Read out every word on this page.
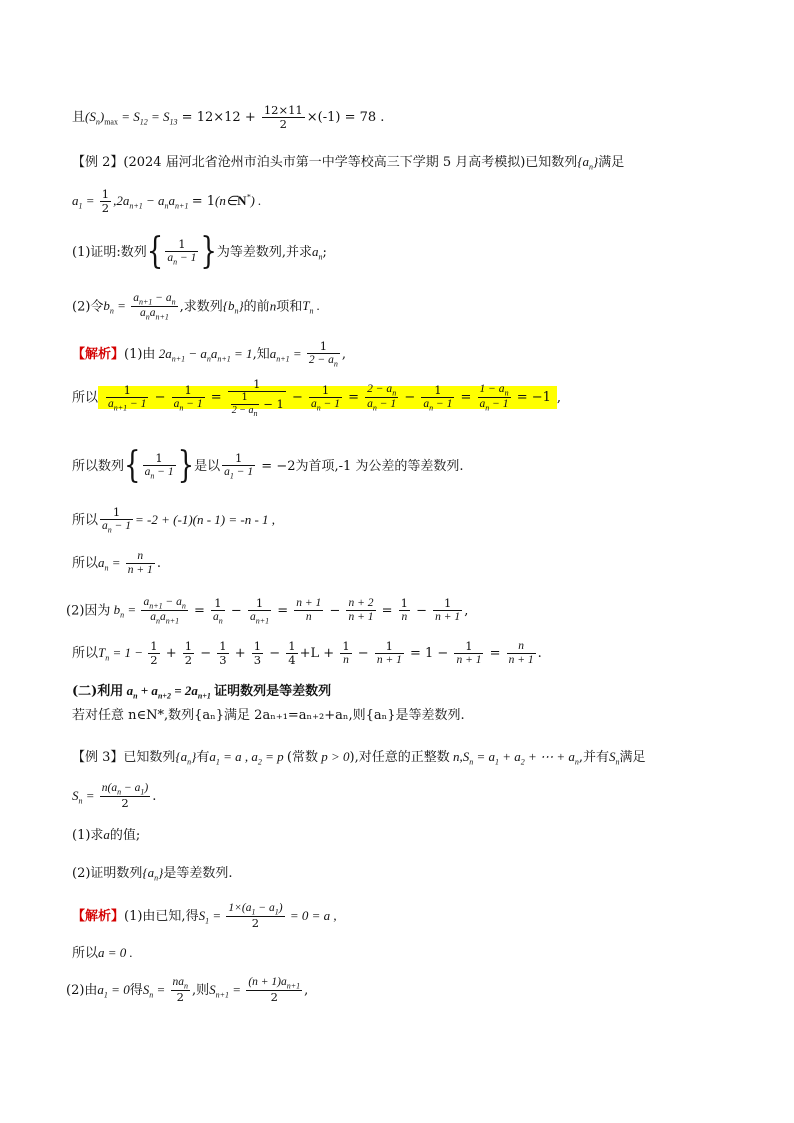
且$(S_n)_{max} = S_{12} = S_{13} = 12\times 12 + \frac{12\times 11}{2} \times(-1) = 78$ .
【例 2】(2024 届河北省沧州市泊头市第一中学等校高三下学期 5 月高考模拟)已知数列$\{a_n\}$满足
$a_1 = \frac{1}{2} ,2a_{n+1} - a_na_{n+1}$ = 1(n∈N*) .
(1)证明:数列{ $\frac{1}{a_n - 1}$ }为等差数列,并求$a_n$;
(2)令$b_n = \frac{a_{n+1} - a_n}{a_na_{n+1}}$ ,求数列$\{b_n\}$的前n项和$T_n$ .
【解析】(1)由 $2a_{n+1} - a_na_{n+1} = 1$,知$a_{n+1} = \frac{1}{2 - a_n}$ ,
所以 $\frac{1}{a_{n+1} - 1} - \frac{1}{a_n - 1} = \frac{1}{\frac{1}{2 - a_n} - 1} - \frac{1}{a_n - 1} = \frac{2 - a_n}{a_n - 1} - \frac{1}{a_n - 1} = \frac{1 - a_n}{a_n - 1} = -1$ ,
所以数列{ $\frac{1}{a_n - 1}$ }是以 $\frac{1}{a_1 - 1} = -2$为首项,-1 为公差的等差数列.
所以 $\frac{1}{a_n - 1} = -2 + (-1)(n - 1) = -n - 1$ ,
所以$a_n = \frac{n}{n + 1}$ .
(2)因为 $b_n = \frac{a_{n+1} - a_n}{a_na_{n+1}} = \frac{1}{a_n} - \frac{1}{a_{n+1}} = \frac{n + 1}{n} - \frac{n + 2}{n + 1} = \frac{1}{n} - \frac{1}{n + 1}$ ,
所以$T_n = 1 - \frac{1}{2} + \frac{1}{2} - \frac{1}{3} + \frac{1}{3} - \frac{1}{4} +L + \frac{1}{n} - \frac{1}{n + 1} = 1 - \frac{1}{n + 1} = \frac{n}{n + 1}$ .
(二)利用 $a_n + a_{n+2} = 2a_{n+1}$ 证明数列是等差数列
若对任意 n∈N*,数列{aₙ}满足 2aₙ₊₁=aₙ₊₂+aₙ,则{aₙ}是等差数列.
【例 3】已知数列$\{a_n\}$有$a_1 = a$ , $a_2 = p$ (常数 p > 0),对任意的正整数 $n,S_n = a_1 + a_2$ + ⋯ + $a_n$,并有$S_n$满足
$S_n = \frac{n(a_n - a_1)}{2}$ .
(1)求a的值;
(2)证明数列$\{a_n\}$是等差数列.
【解析】(1)由已知,得$S_1 = \frac{1\times(a_1 - a_1)}{2} = 0 = a$ ,
所以a = 0 .
(2)由$a_1 = 0$得$S_n = \frac{na_n}{2}$ ,则$S_{n+1} = \frac{(n + 1)a_{n+1}}{2}$ ,
